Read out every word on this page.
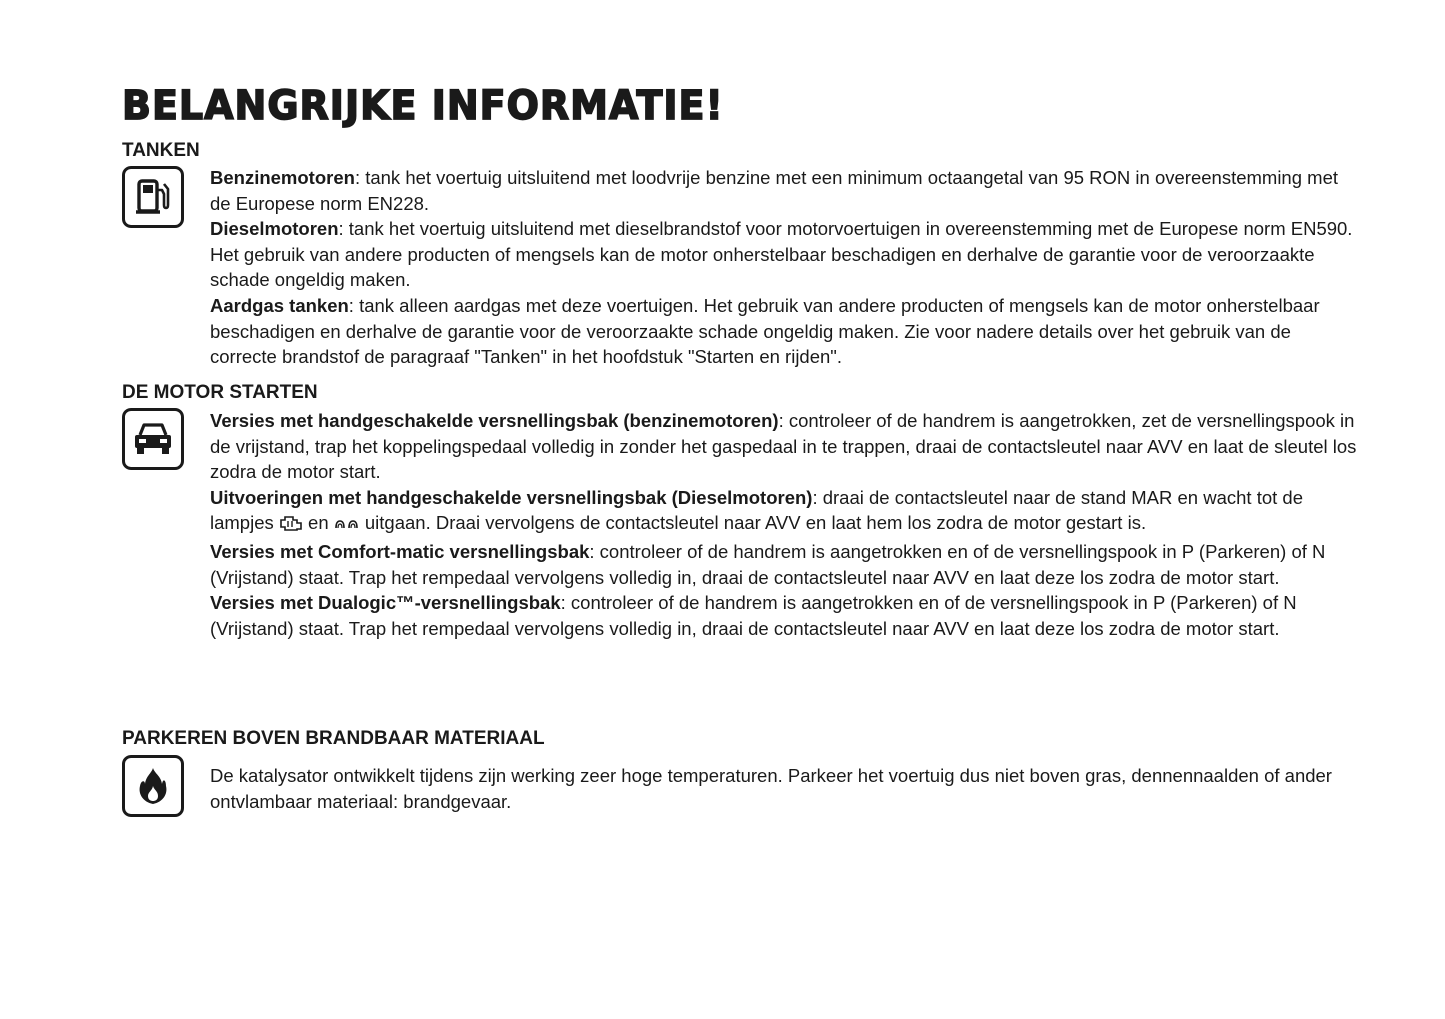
BELANGRIJKE INFORMATIE!
TANKEN

Benzinemotoren: tank het voertuig uitsluitend met loodvrije benzine met een minimum octaangetal van 95 RON in overeenstemming met de Europese norm EN228.

Dieselmotoren: tank het voertuig uitsluitend met dieselbrandstof voor motorvoertuigen in overeenstemming met de Europese norm EN590. Het gebruik van andere producten of mengsels kan de motor onherstelbaar beschadigen en derhalve de garantie voor de veroorzaakte schade ongeldig maken.

Aardgas tanken: tank alleen aardgas met deze voertuigen. Het gebruik van andere producten of mengsels kan de motor onherstelbaar beschadigen en derhalve de garantie voor de veroorzaakte schade ongeldig maken. Zie voor nadere details over het gebruik van de correcte brandstof de paragraaf "Tanken" in het hoofdstuk "Starten en rijden".

DE MOTOR STARTEN

Versies met handgeschakelde versnellingsbak (benzinemotoren): controleer of de handrem is aangetrokken, zet de versnellingspook in de vrijstand, trap het koppelingspedaal volledig in zonder het gaspedaal in te trappen, draai de contactsleutel naar AVV en laat de sleutel los zodra de motor start.

Uitvoeringen met handgeschakelde versnellingsbak (Dieselmotoren): draai de contactsleutel naar de stand MAR en wacht tot de lampjes en uitgaan. Draai vervolgens de contactsleutel naar AVV en laat hem los zodra de motor gestart is.

Versies met Comfort-matic versnellingsbak: controleer of de handrem is aangetrokken en of de versnellingspook in P (Parkeren) of N (Vrijstand) staat. Trap het rempedaal vervolgens volledig in, draai de contactsleutel naar AVV en laat deze los zodra de motor start.

Versies met Dualogic™-versnellingsbak: controleer of de handrem is aangetrokken en of de versnellingspook in P (Parkeren) of N (Vrijstand) staat. Trap het rempedaal vervolgens volledig in, draai de contactsleutel naar AVV en laat deze los zodra de motor start.

PARKEREN BOVEN BRANDBAAR MATERIAAL

De katalysator ontwikkelt tijdens zijn werking zeer hoge temperaturen. Parkeer het voertuig dus niet boven gras, dennennaalden of ander ontvlambaar materiaal: brandgevaar.
